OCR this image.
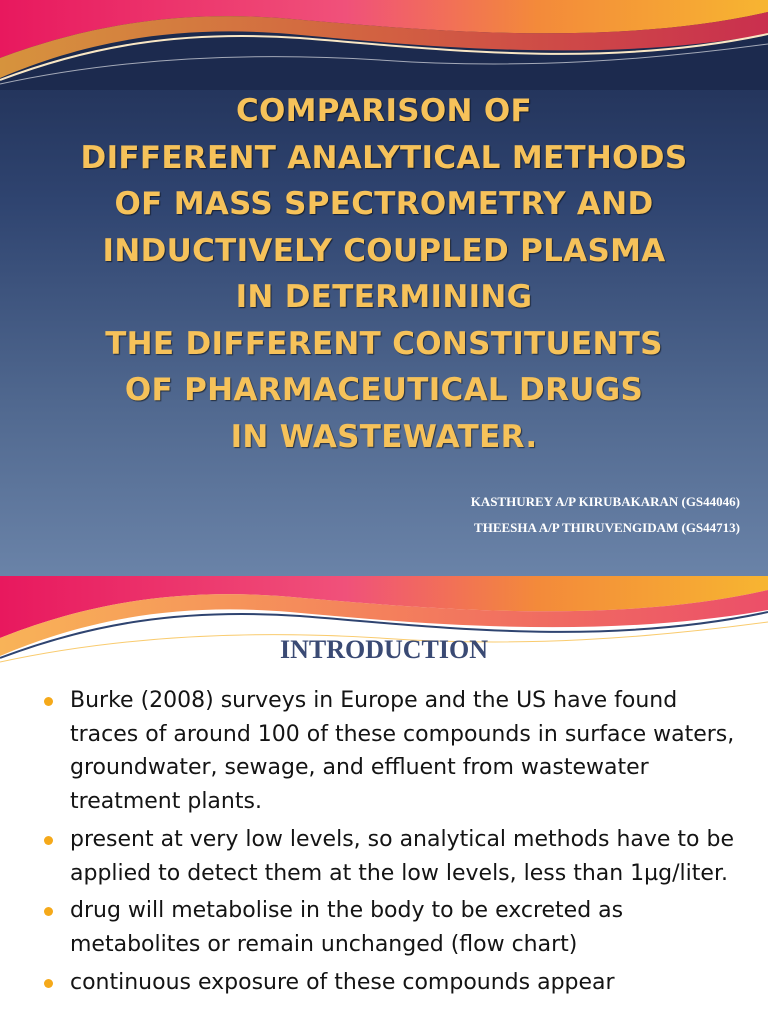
COMPARISON OF
DIFFERENT ANALYTICAL METHODS
OF MASS SPECTROMETRY AND
INDUCTIVELY COUPLED PLASMA
IN DETERMINING
THE DIFFERENT CONSTITUENTS
OF PHARMACEUTICAL DRUGS
IN WASTEWATER.
KASTHUREY A/P KIRUBAKARAN (GS44046)
THEESHA A/P THIRUVENGIDAM (GS44713)
INTRODUCTION
Burke (2008) surveys in Europe and the US have found traces of around 100 of these compounds in surface waters, groundwater, sewage, and effluent from wastewater treatment plants.
present at very low levels, so analytical methods have to be applied to detect them at the low levels, less than 1µg/liter.
drug will metabolise in the body to be excreted as metabolites or remain unchanged (flow chart)
continuous exposure of these compounds appear
